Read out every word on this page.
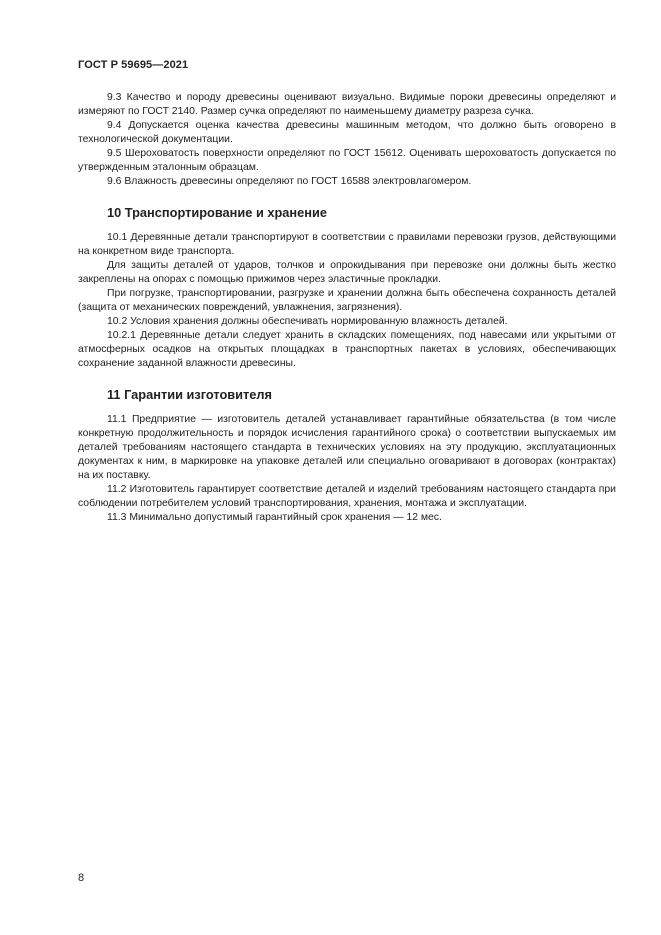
ГОСТ Р 59695—2021

9.3 Качество и породу древесины оценивают визуально. Видимые пороки древесины определяют и измеряют по ГОСТ 2140. Размер сучка определяют по наименьшему диаметру разреза сучка.

9.4 Допускается оценка качества древесины машинным методом, что должно быть оговорено в технологической документации.

9.5 Шероховатость поверхности определяют по ГОСТ 15612. Оценивать шероховатость допускается по утвержденным эталонным образцам.

9.6 Влажность древесины определяют по ГОСТ 16588 электровлагомером.

10 Транспортирование и хранение

10.1 Деревянные детали транспортируют в соответствии с правилами перевозки грузов, действующими на конкретном виде транспорта.

Для защиты деталей от ударов, толчков и опрокидывания при перевозке они должны быть жестко закреплены на опорах с помощью прижимов через эластичные прокладки.

При погрузке, транспортировании, разгрузке и хранении должна быть обеспечена сохранность деталей (защита от механических повреждений, увлажнения, загрязнения).

10.2 Условия хранения должны обеспечивать нормированную влажность деталей.

10.2.1 Деревянные детали следует хранить в складских помещениях, под навесами или укрытыми от атмосферных осадков на открытых площадках в транспортных пакетах в условиях, обеспечивающих сохранение заданной влажности древесины.

11 Гарантии изготовителя

11.1 Предприятие — изготовитель деталей устанавливает гарантийные обязательства (в том числе конкретную продолжительность и порядок исчисления гарантийного срока) о соответствии выпускаемых им деталей требованиям настоящего стандарта в технических условиях на эту продукцию, эксплуатационных документах к ним, в маркировке на упаковке деталей или специально оговаривают в договорах (контрактах) на их поставку.

11.2 Изготовитель гарантирует соответствие деталей и изделий требованиям настоящего стандарта при соблюдении потребителем условий транспортирования, хранения, монтажа и эксплуатации.

11.3 Минимально допустимый гарантийный срок хранения — 12 мес.

8
